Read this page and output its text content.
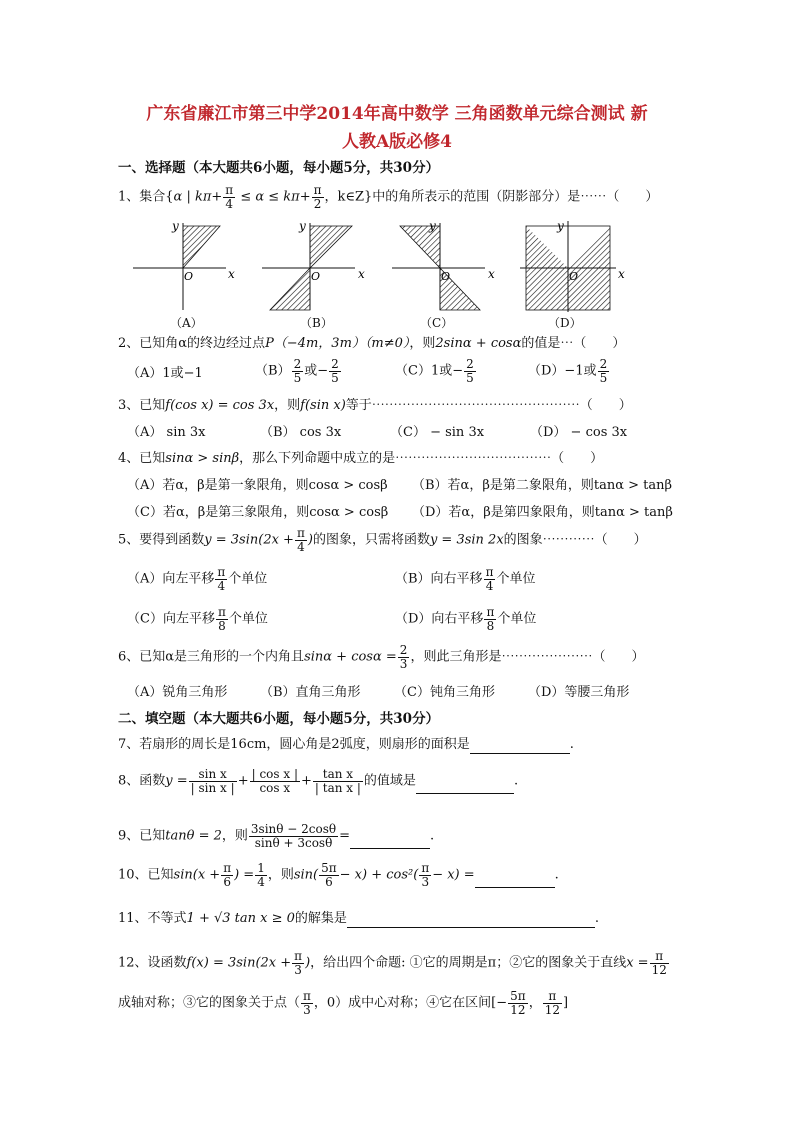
广东省廉江市第三中学2014年高中数学 三角函数单元综合测试 新
人教A版必修4
一、选择题（本大题共6小题，每小题5分，共30分）
1、集合{α | $k\pi+ \frac{\pi}{4} \le \alpha \le k\pi+ \frac{\pi}{2}$ ，k∈Z}中的角所表示的范围（阴影部分）是⋯⋯（　　）
y
x
O
y
x
O
y
x
O
y
x
O
（A）	（B）	（C）	（D）
2、已知角α的终边经过点P（−4m，3m）（m≠0），则2sinα + cosα的值是⋯（　　）
（A）1或−1	$(B) \frac{2}{5}$ 或− $\frac{2}{5}$	（C）1或− $\frac{2}{5}$	（D）−1或 $\frac{2}{5}$
3、已知f(cos x) = cos 3x，则f(sin x)等于⋯⋯⋯⋯⋯⋯⋯⋯⋯⋯⋯⋯⋯⋯⋯⋯（　　）
（A） sin 3x	（B） cos 3x	（C） − sin 3x	（D） − cos 3x
4、已知sinα > sinβ，那么下列命题中成立的是⋯⋯⋯⋯⋯⋯⋯⋯⋯⋯⋯⋯（　　）
（A）若α，β是第一象限角，则cosα > cosβ （B）若α，β是第二象限角，则tanα > tanβ
（C）若α，β是第三象限角，则cosα > cosβ （D）若α，β是第四象限角，则tanα > tanβ
5、要得到函数$y = 3\sin(2x + \frac{\pi}{4}$ )的图象，只需将函数y = 3sin 2x的图象⋯⋯⋯⋯（　　）
（A）向左平移 $\frac{\pi}{4}$ 个单位	（B）向右平移 $\frac{\pi}{4}$ 个单位
（C）向左平移 $\frac{\pi}{8}$ 个单位	（D）向右平移 $\frac{\pi}{8}$ 个单位
6、已知α是三角形的一个内角且$\sin\alpha + \cos\alpha = \frac{2}{3}$ ，则此三角形是⋯⋯⋯⋯⋯⋯⋯（　　）
（A）锐角三角形	（B）直角三角形	（C）钝角三角形	（D）等腰三角形
二、填空题（本大题共6小题，每小题5分，共30分）
7、若扇形的周长是16cm，圆心角是2弧度，则扇形的面积是	.
8、函数$y = \frac{\text{sin x}}{\text{| sin x |}} + \frac{\text{| cos x |}}{\text{cos x}} + \frac{\text{tan x}}{\text{| tan x |}}$ 的值域是	.
9、已知tanθ = 2，则 $\frac{3\sin\theta - 2\cos\theta}{\sin\theta + 3\cos\theta}$ =	.
10、已知$\sin(x + \frac{\pi}{6}$ ) = $\frac{1}{4}$ ，则$\sin( \frac{5\pi}{6} - x) + \cos^2( \frac{\pi}{3} - x)$ =	.
11、不等式1 + √3 tan x ≥ 0的解集是	.
12、设函数$f(x) = 3\sin(2x + \frac{\pi}{3}$ )，给出四个命题: ①它的周期是π；②它的图象关于直线$x = \frac{\pi}{12}$
成轴对称；③它的图象关于点（ $\frac{\pi}{3}$ ，0）成中心对称；④它在区间[− $\frac{5\pi}{12}$ ， $\frac{\pi}{12}$ ]
